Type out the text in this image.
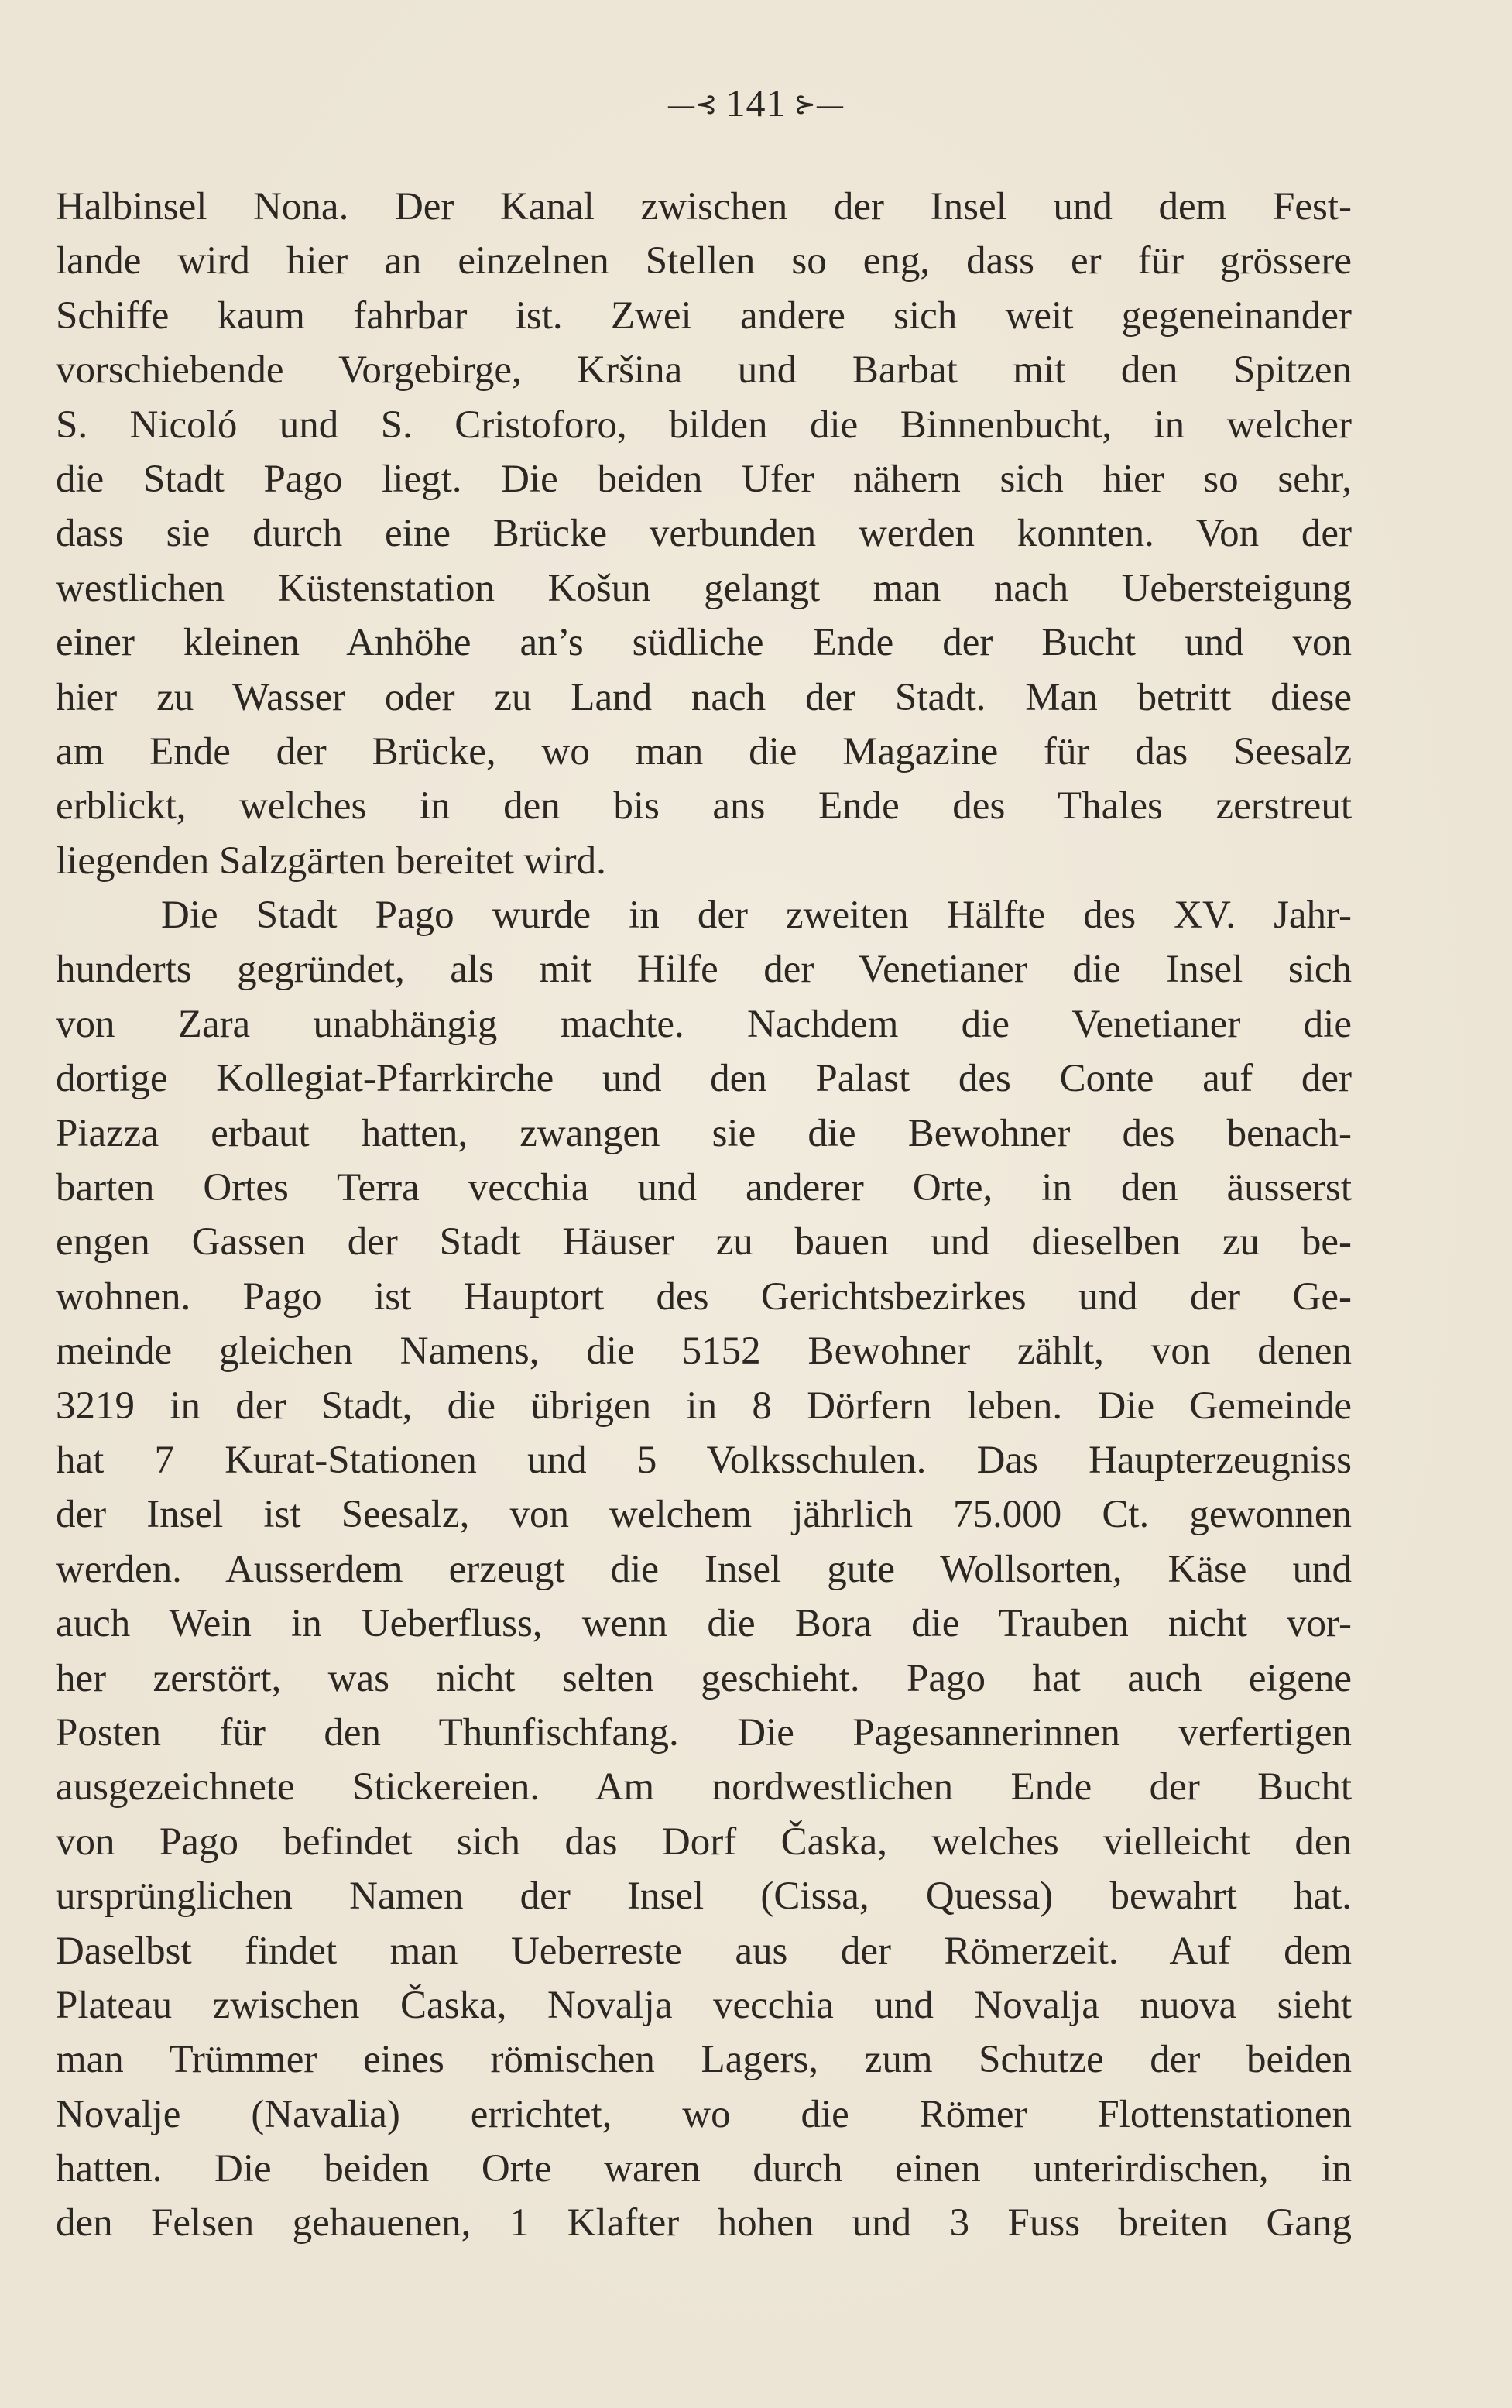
—⊰ 141 ⊱—
Halbinsel Nona. Der Kanal zwischen der Insel und dem Fest-
lande wird hier an einzelnen Stellen so eng, dass er für grössere
Schiffe kaum fahrbar ist. Zwei andere sich weit gegeneinander
vorschiebende Vorgebirge, Kršina und Barbat mit den Spitzen
S. Nicoló und S. Cristoforo, bilden die Binnenbucht, in welcher
die Stadt Pago liegt. Die beiden Ufer nähern sich hier so sehr,
dass sie durch eine Brücke verbunden werden konnten. Von der
westlichen Küstenstation Košun gelangt man nach Uebersteigung
einer kleinen Anhöhe an’s südliche Ende der Bucht und von
hier zu Wasser oder zu Land nach der Stadt. Man betritt diese
am Ende der Brücke, wo man die Magazine für das Seesalz
erblickt, welches in den bis ans Ende des Thales zerstreut
liegenden Salzgärten bereitet wird.
Die Stadt Pago wurde in der zweiten Hälfte des XV. Jahr-
hunderts gegründet, als mit Hilfe der Venetianer die Insel sich
von Zara unabhängig machte. Nachdem die Venetianer die
dortige Kollegiat-Pfarrkirche und den Palast des Conte auf der
Piazza erbaut hatten, zwangen sie die Bewohner des benach-
barten Ortes Terra vecchia und anderer Orte, in den äusserst
engen Gassen der Stadt Häuser zu bauen und dieselben zu be-
wohnen. Pago ist Hauptort des Gerichtsbezirkes und der Ge-
meinde gleichen Namens, die 5152 Bewohner zählt, von denen
3219 in der Stadt, die übrigen in 8 Dörfern leben. Die Gemeinde
hat 7 Kurat-Stationen und 5 Volksschulen. Das Haupterzeugniss
der Insel ist Seesalz, von welchem jährlich 75.000 Ct. gewonnen
werden. Ausserdem erzeugt die Insel gute Wollsorten, Käse und
auch Wein in Ueberfluss, wenn die Bora die Trauben nicht vor-
her zerstört, was nicht selten geschieht. Pago hat auch eigene
Posten für den Thunfischfang. Die Pagesannerinnen verfertigen
ausgezeichnete Stickereien. Am nordwestlichen Ende der Bucht
von Pago befindet sich das Dorf Časka, welches vielleicht den
ursprünglichen Namen der Insel (Cissa, Quessa) bewahrt hat.
Daselbst findet man Ueberreste aus der Römerzeit. Auf dem
Plateau zwischen Časka, Novalja vecchia und Novalja nuova sieht
man Trümmer eines römischen Lagers, zum Schutze der beiden
Novalje (Navalia) errichtet, wo die Römer Flottenstationen
hatten. Die beiden Orte waren durch einen unterirdischen, in
den Felsen gehauenen, 1 Klafter hohen und 3 Fuss breiten Gang
